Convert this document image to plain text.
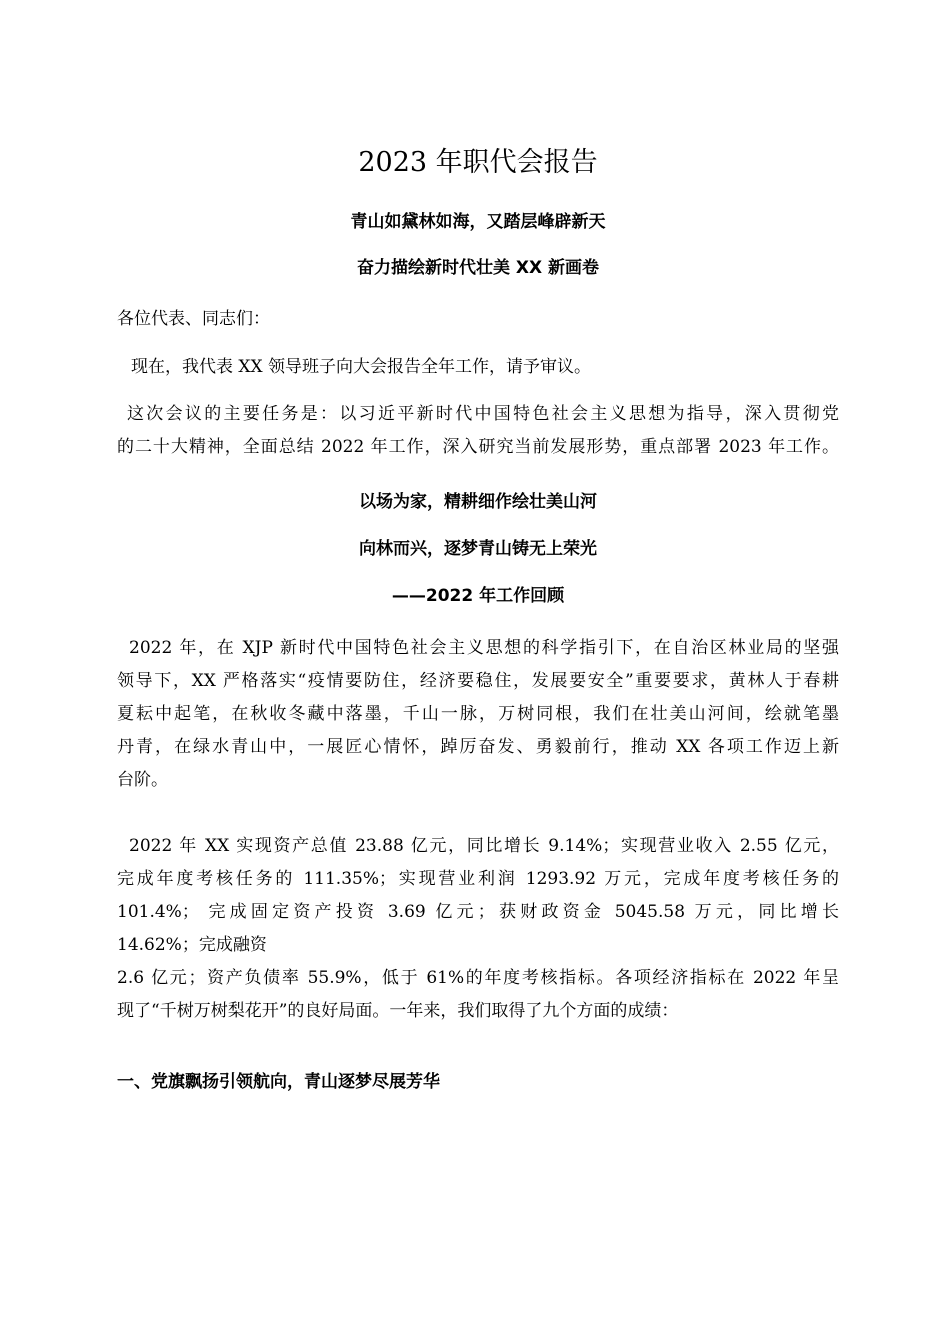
2023 年职代会报告
青山如黛林如海，又踏层峰辟新天
奋力描绘新时代壮美 XX 新画卷
各位代表、同志们：
现在，我代表 XX 领导班子向大会报告全年工作，请予审议。
这次会议的主要任务是：以习近平新时代中国特色社会主义思想为指导，深入贯彻党
的二十大精神，全面总结 2022 年工作，深入研究当前发展形势，重点部署 2023 年工作。
以场为家，精耕细作绘壮美山河
向林而兴，逐梦青山铸无上荣光
——2022 年工作回顾
2022 年，在 XJP 新时代中国特色社会主义思想的科学指引下，在自治区林业局的坚强
领导下，XX 严格落实“疫情要防住，经济要稳住，发展要安全”重要要求，黄林人于春耕
夏耘中起笔，在秋收冬藏中落墨，千山一脉，万树同根，我们在壮美山河间，绘就笔墨
丹青，在绿水青山中，一展匠心情怀，踔厉奋发、勇毅前行，推动 XX 各项工作迈上新
台阶。
2022 年 XX 实现资产总值 23.88 亿元，同比增长 9.14%；实现营业收入 2.55 亿元，
完成年度考核任务的 111.35%；实现营业利润 1293.92 万元，完成年度考核任务的
101.4%； 完成固定资产投资 3.69 亿元；获财政资金 5045.58 万元，同比增长
14.62%；完成融资
2.6 亿元；资产负债率 55.9%，低于 61%的年度考核指标。各项经济指标在 2022 年呈
现了“千树万树梨花开”的良好局面。一年来，我们取得了九个方面的成绩：
一、党旗飘扬引领航向，青山逐梦尽展芳华
